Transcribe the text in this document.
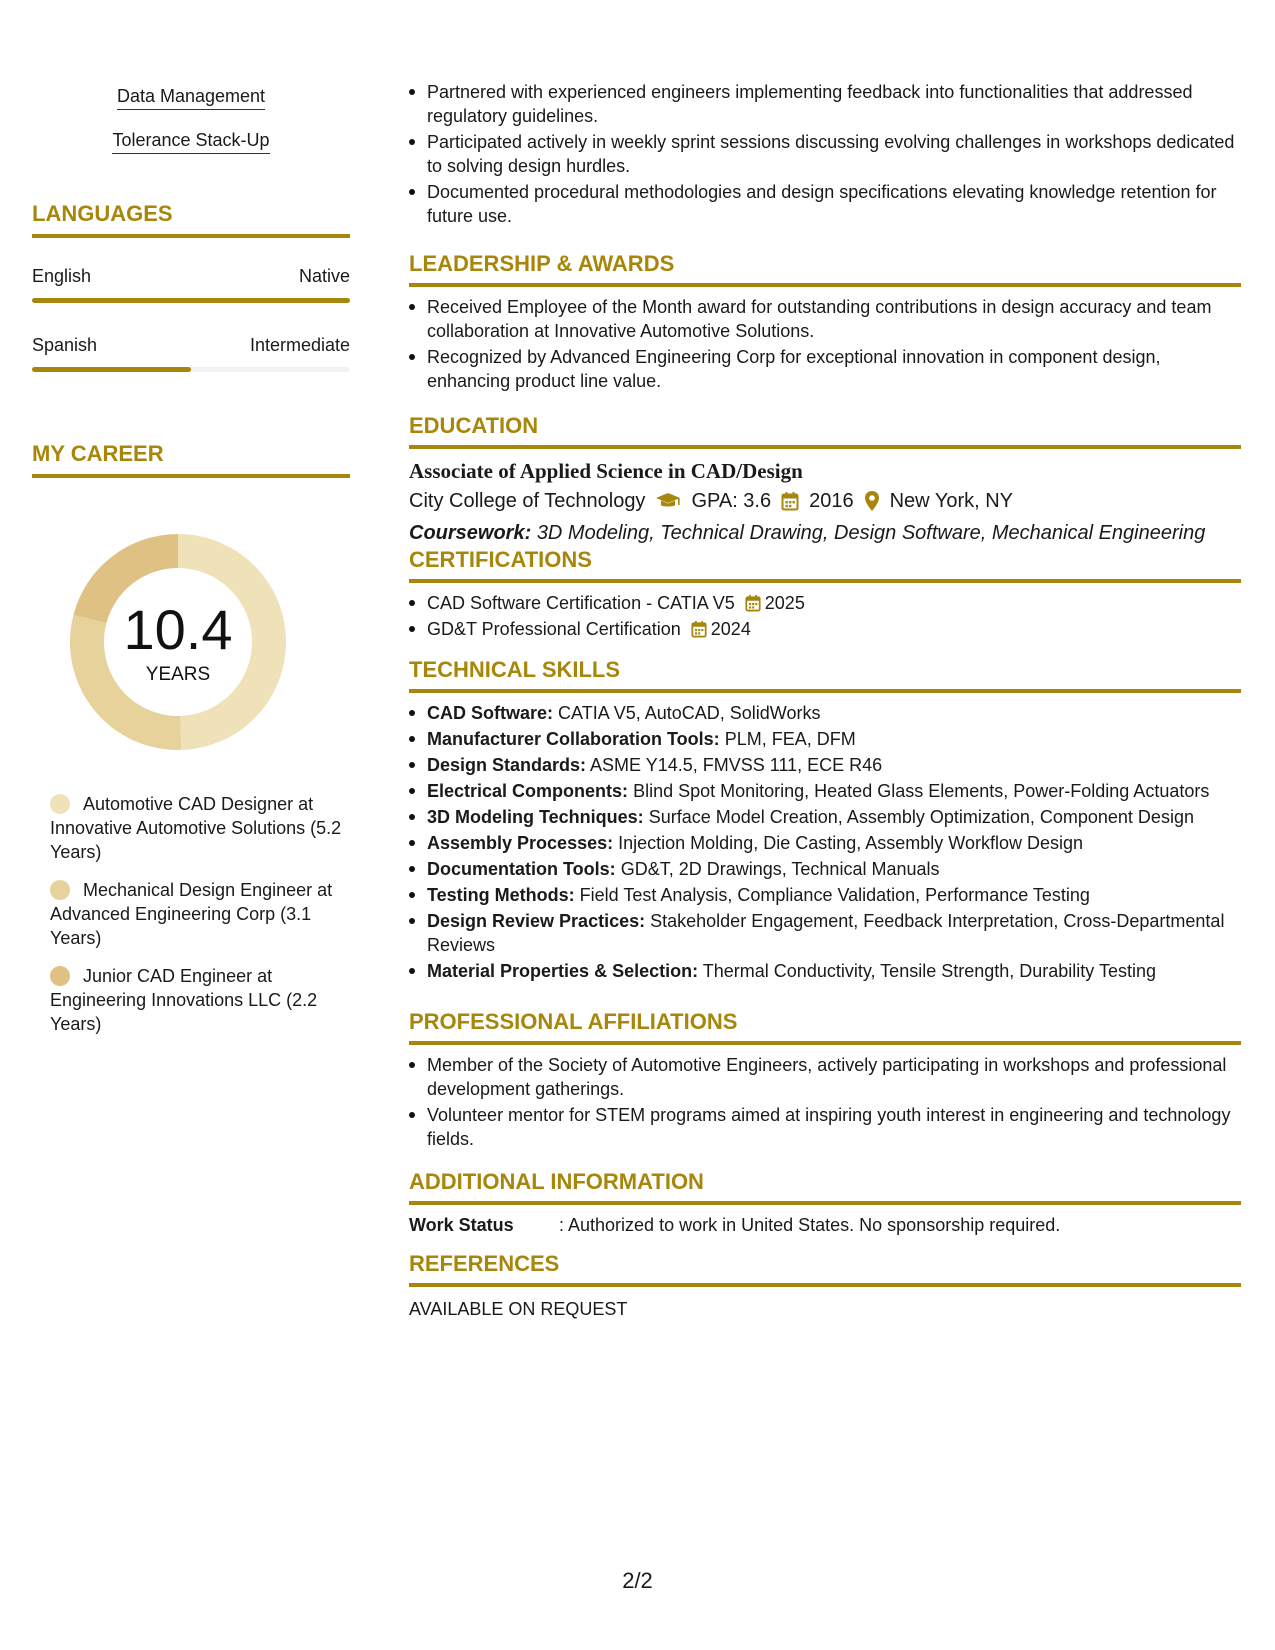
Data Management
Tolerance Stack-Up
LANGUAGES
English	Native
Spanish	Intermediate
MY CAREER
10.4
YEARS
Automotive CAD Designer at Innovative Automotive Solutions (5.2 Years)
Mechanical Design Engineer at Advanced Engineering Corp (3.1 Years)
Junior CAD Engineer at Engineering Innovations LLC (2.2 Years)
Partnered with experienced engineers implementing feedback into functionalities that addressed regulatory guidelines.
Participated actively in weekly sprint sessions discussing evolving challenges in workshops dedicated to solving design hurdles.
Documented procedural methodologies and design specifications elevating knowledge retention for future use.
LEADERSHIP & AWARDS
Received Employee of the Month award for outstanding contributions in design accuracy and team collaboration at Innovative Automotive Solutions.
Recognized by Advanced Engineering Corp for exceptional innovation in component design, enhancing product line value.
EDUCATION
Associate of Applied Science in CAD/Design
City College of Technology GPA: 3.6 2016 New York, NY
Coursework: 3D Modeling, Technical Drawing, Design Software, Mechanical Engineering
CERTIFICATIONS
CAD Software Certification - CATIA V5 2025
GD&T Professional Certification 2024
TECHNICAL SKILLS
CAD Software: CATIA V5, AutoCAD, SolidWorks
Manufacturer Collaboration Tools: PLM, FEA, DFM
Design Standards: ASME Y14.5, FMVSS 111, ECE R46
Electrical Components: Blind Spot Monitoring, Heated Glass Elements, Power-Folding Actuators
3D Modeling Techniques: Surface Model Creation, Assembly Optimization, Component Design
Assembly Processes: Injection Molding, Die Casting, Assembly Workflow Design
Documentation Tools: GD&T, 2D Drawings, Technical Manuals
Testing Methods: Field Test Analysis, Compliance Validation, Performance Testing
Design Review Practices: Stakeholder Engagement, Feedback Interpretation, Cross-Departmental Reviews
Material Properties & Selection: Thermal Conductivity, Tensile Strength, Durability Testing
PROFESSIONAL AFFILIATIONS
Member of the Society of Automotive Engineers, actively participating in workshops and professional development gatherings.
Volunteer mentor for STEM programs aimed at inspiring youth interest in engineering and technology fields.
ADDITIONAL INFORMATION
Work Status	: Authorized to work in United States. No sponsorship required.
REFERENCES
AVAILABLE ON REQUEST
2/2
